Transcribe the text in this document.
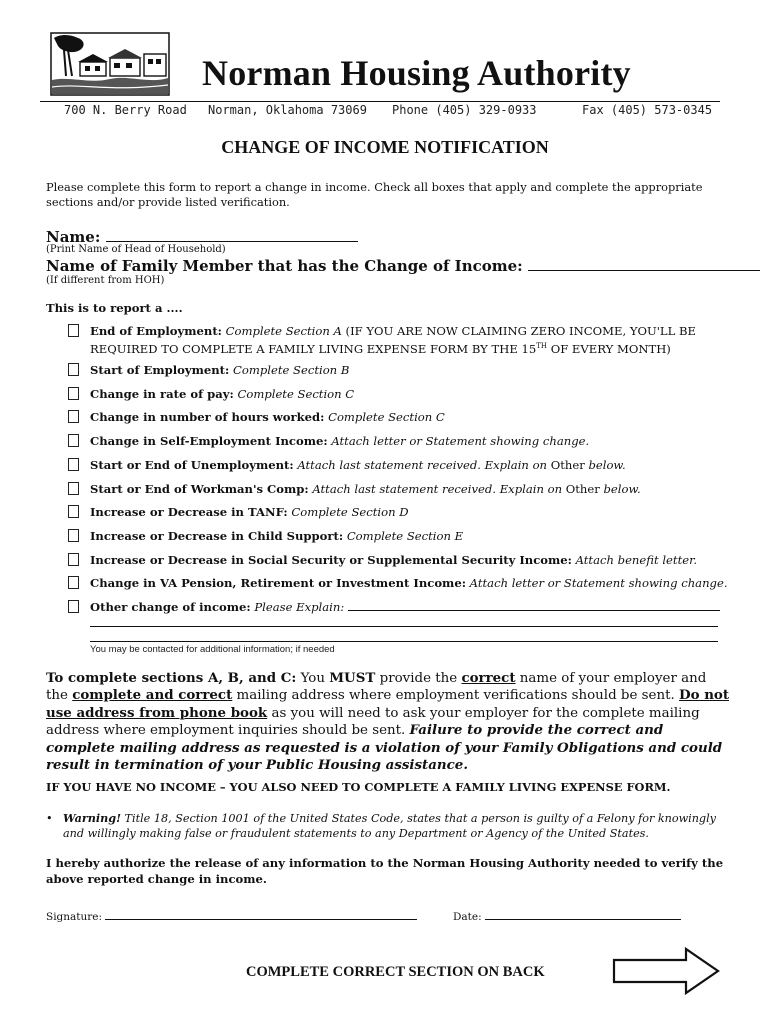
Norman Housing Authority
700 N. Berry Road Norman, Oklahoma 73069 Phone (405) 329-0933	Fax (405) 573-0345
CHANGE OF INCOME NOTIFICATION
Please complete this form to report a change in income. Check all boxes that apply and complete the appropriate sections and/or provide listed verification.
Name:
(Print Name of Head of Household)
Name of Family Member that has the Change of Income:
(If different from HOH)
This is to report a ....
End of Employment: Complete Section A (IF YOU ARE NOW CLAIMING ZERO INCOME, YOU'LL BE REQUIRED TO COMPLETE A FAMILY LIVING EXPENSE FORM BY THE 15TH OF EVERY MONTH)
Start of Employment: Complete Section B
Change in rate of pay: Complete Section C
Change in number of hours worked: Complete Section C
Change in Self-Employment Income: Attach letter or Statement showing change.
Start or End of Unemployment: Attach last statement received. Explain on Other below.
Start or End of Workman's Comp: Attach last statement received. Explain on Other below.
Increase or Decrease in TANF: Complete Section D
Increase or Decrease in Child Support: Complete Section E
Increase or Decrease in Social Security or Supplemental Security Income: Attach benefit letter.
Change in VA Pension, Retirement or Investment Income: Attach letter or Statement showing change.
Other change of income: Please Explain:
You may be contacted for additional information; if needed
To complete sections A, B, and C: You MUST provide the correct name of your employer and the complete and correct mailing address where employment verifications should be sent. Do not use address from phone book as you will need to ask your employer for the complete mailing address where employment inquiries should be sent. Failure to provide the correct and complete mailing address as requested is a violation of your Family Obligations and could result in termination of your Public Housing assistance.
IF YOU HAVE NO INCOME – YOU ALSO NEED TO COMPLETE A FAMILY LIVING EXPENSE FORM.
• Warning! Title 18, Section 1001 of the United States Code, states that a person is guilty of a Felony for knowingly and willingly making false or fraudulent statements to any Department or Agency of the United States.
I hereby authorize the release of any information to the Norman Housing Authority needed to verify the above reported change in income.
Signature:	Date:
COMPLETE CORRECT SECTION ON BACK
